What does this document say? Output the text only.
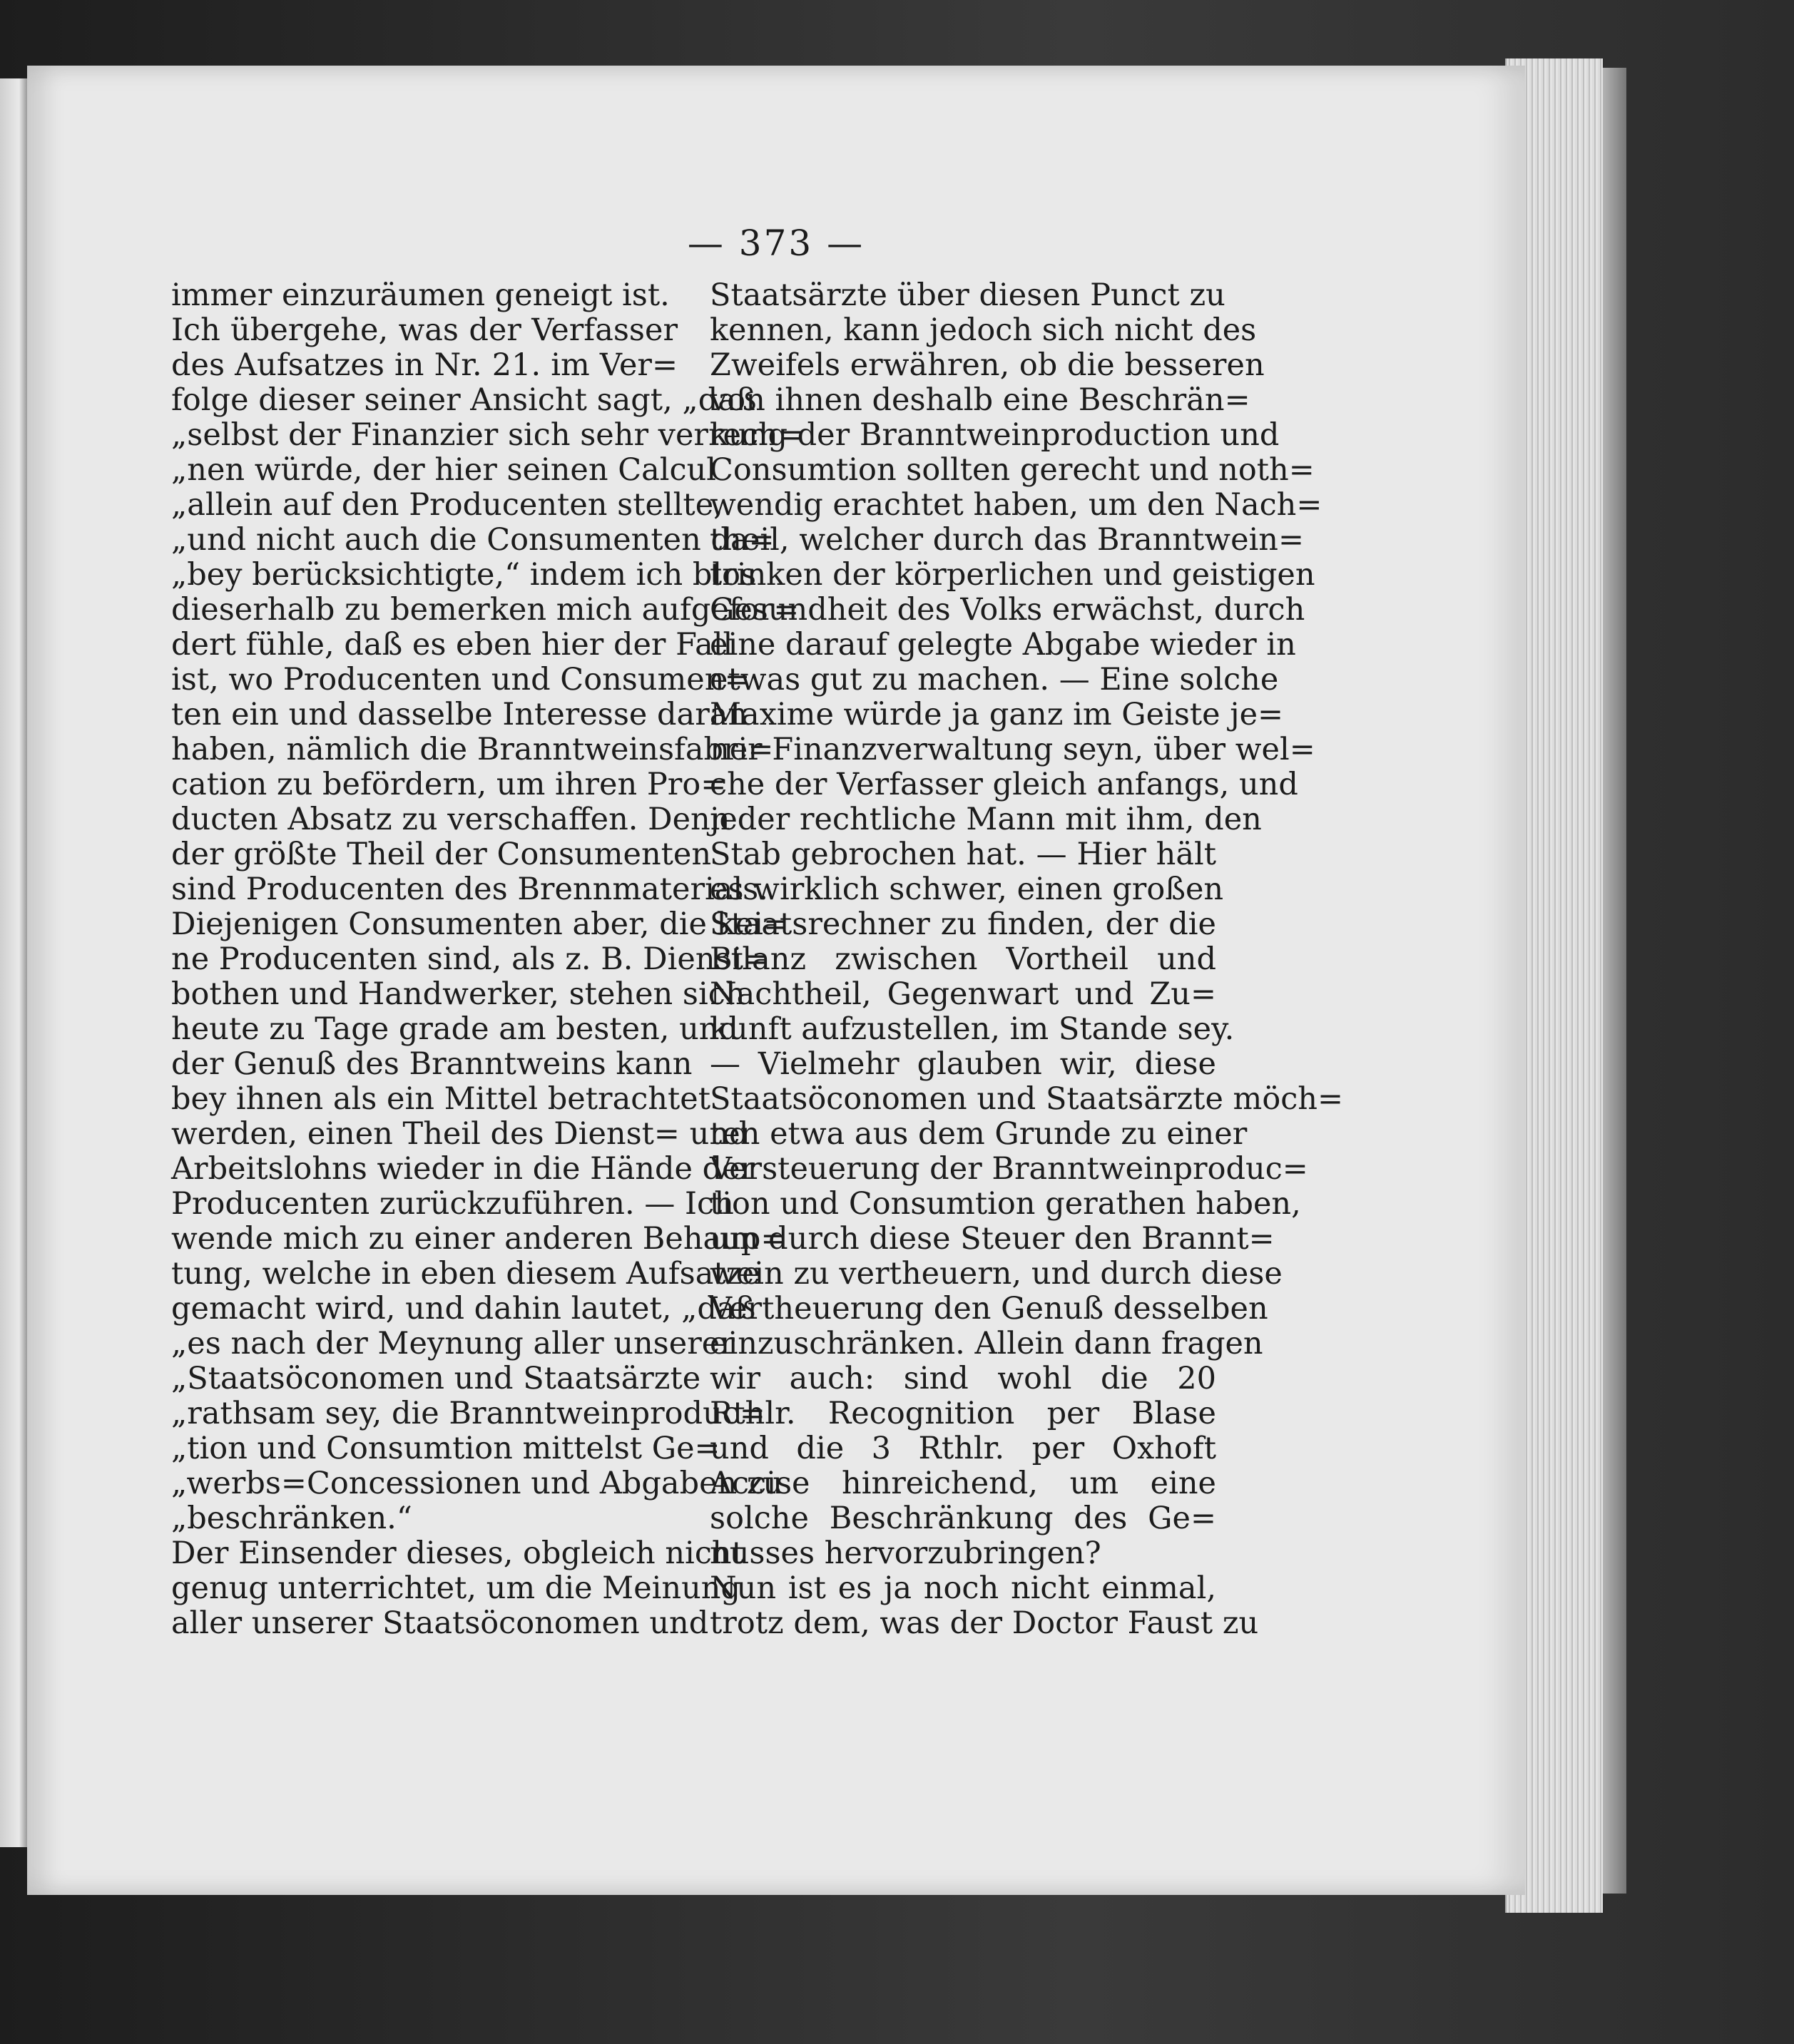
— 373 —
immer einzuräumen geneigt ist.
Ich übergehe, was der Verfasser
des Aufsatzes in Nr. 21. im Ver=
folge dieser seiner Ansicht sagt, „daß
„selbst der Finanzier sich sehr verrech=
„nen würde, der hier seinen Calcul
„allein auf den Producenten stellte,
„und nicht auch die Consumenten da=
„bey berücksichtigte,“ indem ich blos
dieserhalb zu bemerken mich aufgefor=
dert fühle, daß es eben hier der Fall
ist, wo Producenten und Consumen=
ten ein und dasselbe Interesse daran
haben, nämlich die Branntweinsfabri=
cation zu befördern, um ihren Pro=
ducten Absatz zu verschaffen. Denn
der größte Theil der Consumenten
sind Producenten des Brennmaterials.
Diejenigen Consumenten aber, die kei=
ne Producenten sind, als z. B. Dienst=
bothen und Handwerker, stehen sich
heute zu Tage grade am besten, und
der Genuß des Branntweins kann
bey ihnen als ein Mittel betrachtet
werden, einen Theil des Dienst= und
Arbeitslohns wieder in die Hände der
Producenten zurückzuführen. — Ich
wende mich zu einer anderen Behaup=
tung, welche in eben diesem Aufsatze
gemacht wird, und dahin lautet, „daß
„es nach der Meynung aller unserer
„Staatsöconomen und Staatsärzte
„rathsam sey, die Branntweinproduc=
„tion und Consumtion mittelst Ge=
„werbs=Concessionen und Abgaben zu
„beschränken.“
Der Einsender dieses, obgleich nicht
genug unterrichtet, um die Meinung
aller unserer Staatsöconomen und
Staatsärzte über diesen Punct zu
kennen, kann jedoch sich nicht des
Zweifels erwähren, ob die besseren
von ihnen deshalb eine Beschrän=
kung der Branntweinproduction und
Consumtion sollten gerecht und noth=
wendig erachtet haben, um den Nach=
theil, welcher durch das Branntwein=
trinken der körperlichen und geistigen
Gesundheit des Volks erwächst, durch
eine darauf gelegte Abgabe wieder in
etwas gut zu machen. — Eine solche
Maxime würde ja ganz im Geiste je=
ner Finanzverwaltung seyn, über wel=
che der Verfasser gleich anfangs, und
jeder rechtliche Mann mit ihm, den
Stab gebrochen hat. — Hier hält
es wirklich schwer, einen großen
Staatsrechner zu finden, der die
Bilanz zwischen Vortheil und
Nachtheil, Gegenwart und Zu=
kunft aufzustellen, im Stande sey.
— Vielmehr glauben wir, diese
Staatsöconomen und Staatsärzte möch=
ten etwa aus dem Grunde zu einer
Versteuerung der Branntweinproduc=
tion und Consumtion gerathen haben,
um durch diese Steuer den Brannt=
wein zu vertheuern, und durch diese
Vertheuerung den Genuß desselben
einzuschränken. Allein dann fragen
wir auch: sind wohl die 20
Rthlr. Recognition per Blase
und die 3 Rthlr. per Oxhoft
Accise hinreichend, um eine
solche Beschränkung des Ge=
nusses hervorzubringen?
Nun ist es ja noch nicht einmal,
trotz dem, was der Doctor Faust zu
